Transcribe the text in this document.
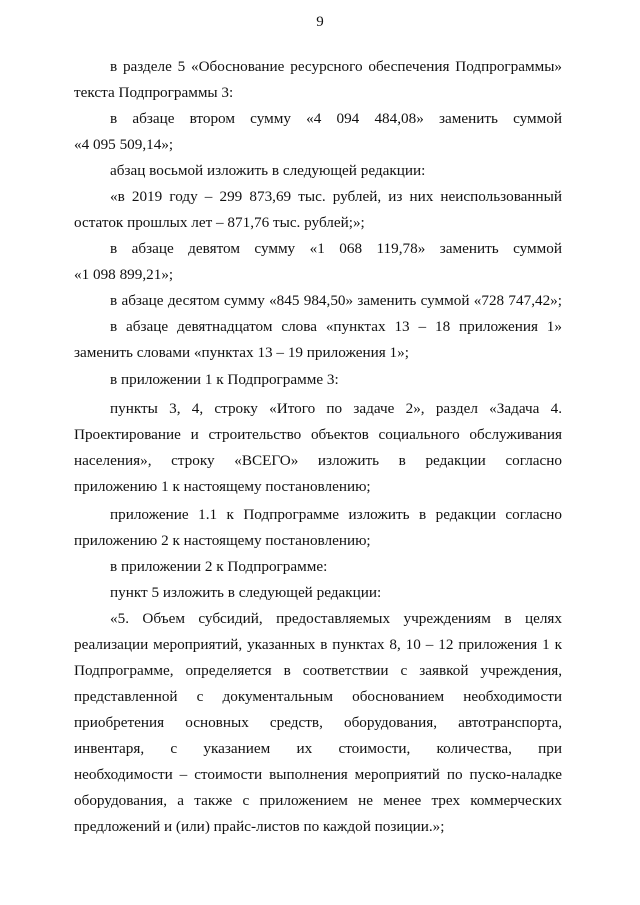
9
в разделе 5 «Обоснование ресурсного обеспечения Подпрограммы»
текста Подпрограммы 3:
в абзаце втором сумму «4 094 484,08» заменить суммой
«4 095 509,14»;
абзац восьмой изложить в следующей редакции:
«в 2019 году – 299 873,69 тыс. рублей, из них неиспользованный
остаток прошлых лет – 871,76 тыс. рублей;»;
в абзаце девятом сумму «1 068 119,78» заменить суммой
«1 098 899,21»;
в абзаце десятом сумму «845 984,50» заменить суммой «728 747,42»;
в абзаце девятнадцатом слова «пунктах 13 – 18 приложения 1»
заменить словами «пунктах 13 – 19 приложения 1»;
в приложении 1 к Подпрограмме 3:
пункты 3, 4, строку «Итого по задаче 2», раздел «Задача 4.
Проектирование и строительство объектов социального обслуживания
населения», строку «ВСЕГО» изложить в редакции согласно
приложению 1 к настоящему постановлению;
приложение 1.1 к Подпрограмме изложить в редакции согласно
приложению 2 к настоящему постановлению;
в приложении 2 к Подпрограмме:
пункт 5 изложить в следующей редакции:
«5. Объем субсидий, предоставляемых учреждениям в целях
реализации мероприятий, указанных в пунктах 8, 10 – 12 приложения 1 к
Подпрограмме, определяется в соответствии с заявкой учреждения,
представленной с документальным обоснованием необходимости
приобретения основных средств, оборудования, автотранспорта,
инвентаря, с указанием их стоимости, количества, при
необходимости – стоимости выполнения мероприятий по пуско-наладке
оборудования, а также с приложением не менее трех коммерческих
предложений и (или) прайс-листов по каждой позиции.»;
